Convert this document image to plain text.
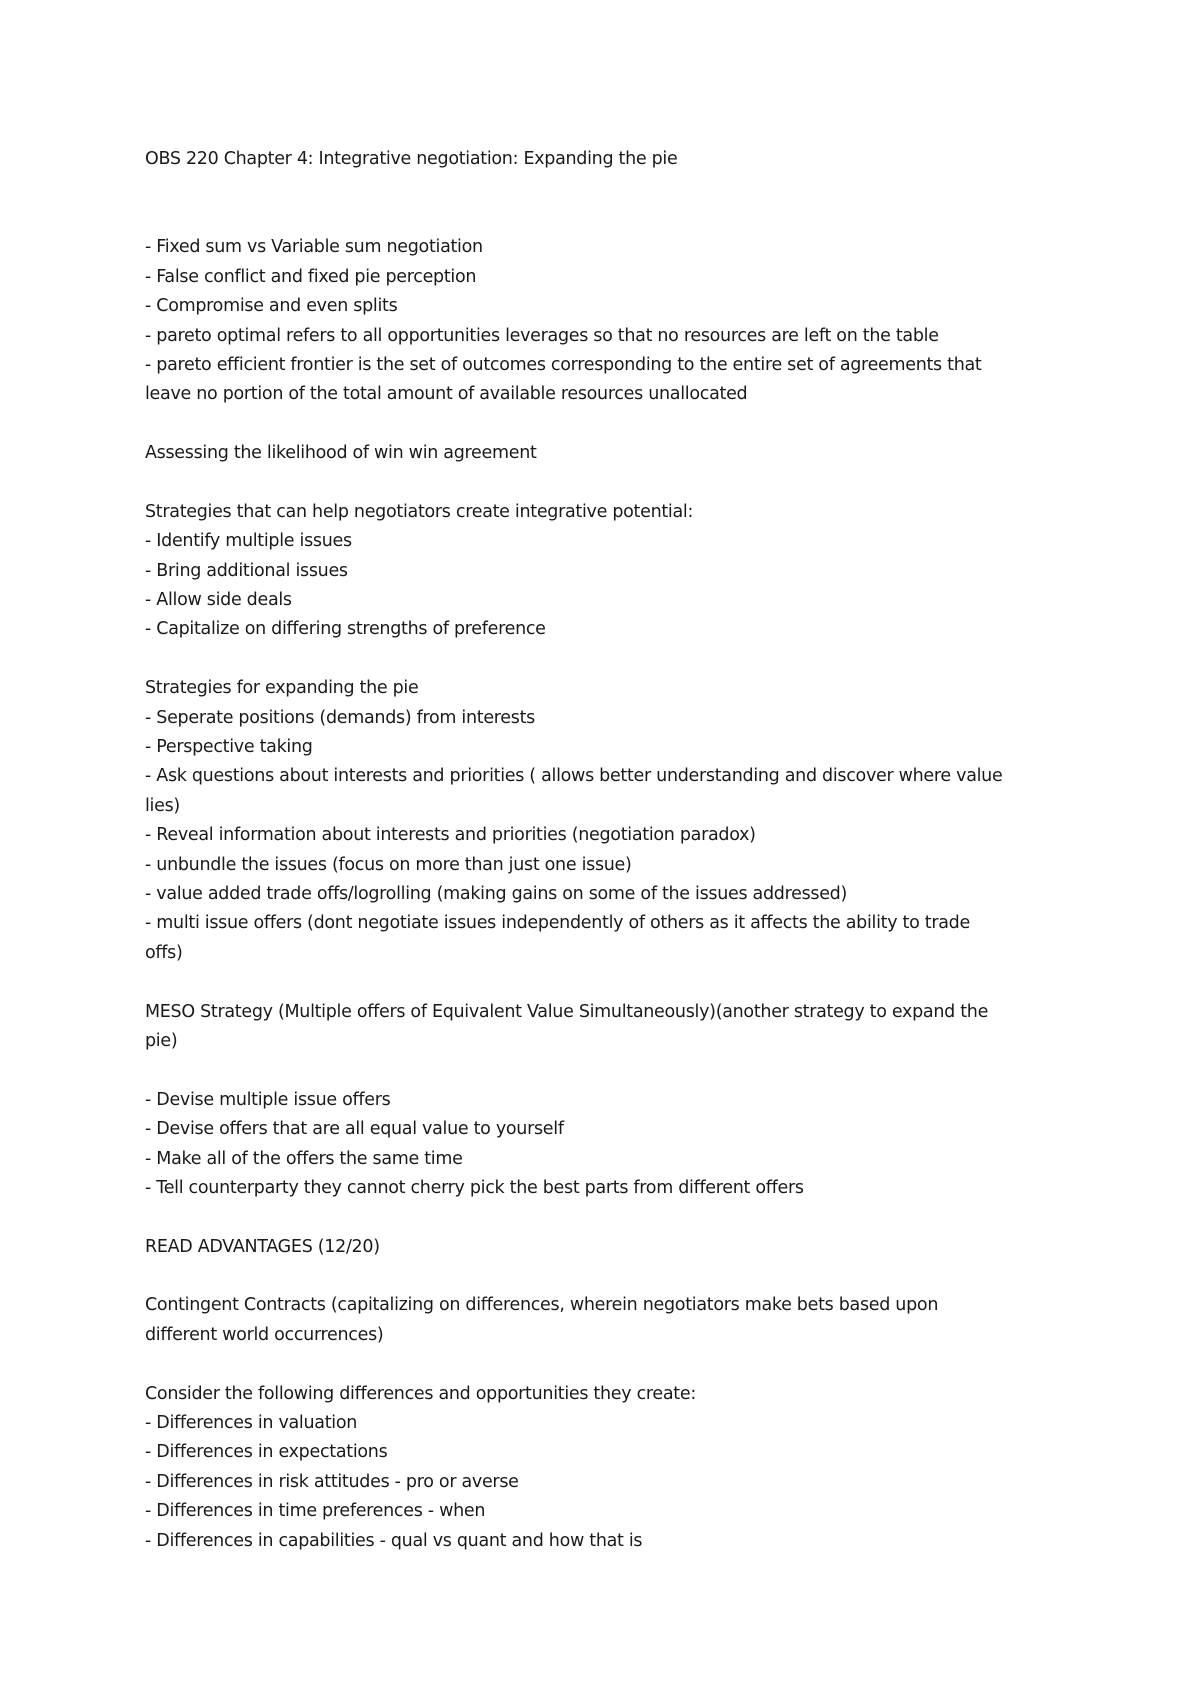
OBS 220 Chapter 4: Integrative negotiation: Expanding the pie
- Fixed sum vs Variable sum negotiation
- False conflict and fixed pie perception
- Compromise and even splits
- pareto optimal refers to all opportunities leverages so that no resources are left on the table
- pareto efficient frontier is the set of outcomes corresponding to the entire set of agreements that
leave no portion of the total amount of available resources unallocated
Assessing the likelihood of win win agreement
Strategies that can help negotiators create integrative potential:
- Identify multiple issues
- Bring additional issues
- Allow side deals
- Capitalize on differing strengths of preference
Strategies for expanding the pie
- Seperate positions (demands) from interests
- Perspective taking
- Ask questions about interests and priorities ( allows better understanding and discover where value
lies)
- Reveal information about interests and priorities (negotiation paradox)
- unbundle the issues (focus on more than just one issue)
- value added trade offs/logrolling (making gains on some of the issues addressed)
- multi issue offers (dont negotiate issues independently of others as it affects the ability to trade
offs)
MESO Strategy (Multiple offers of Equivalent Value Simultaneously)(another strategy to expand the
pie)
- Devise multiple issue offers
- Devise offers that are all equal value to yourself
- Make all of the offers the same time
- Tell counterparty they cannot cherry pick the best parts from different offers
READ ADVANTAGES (12/20)
Contingent Contracts (capitalizing on differences, wherein negotiators make bets based upon
different world occurrences)
Consider the following differences and opportunities they create:
- Differences in valuation
- Differences in expectations
- Differences in risk attitudes - pro or averse
- Differences in time preferences - when
- Differences in capabilities - qual vs quant and how that is
